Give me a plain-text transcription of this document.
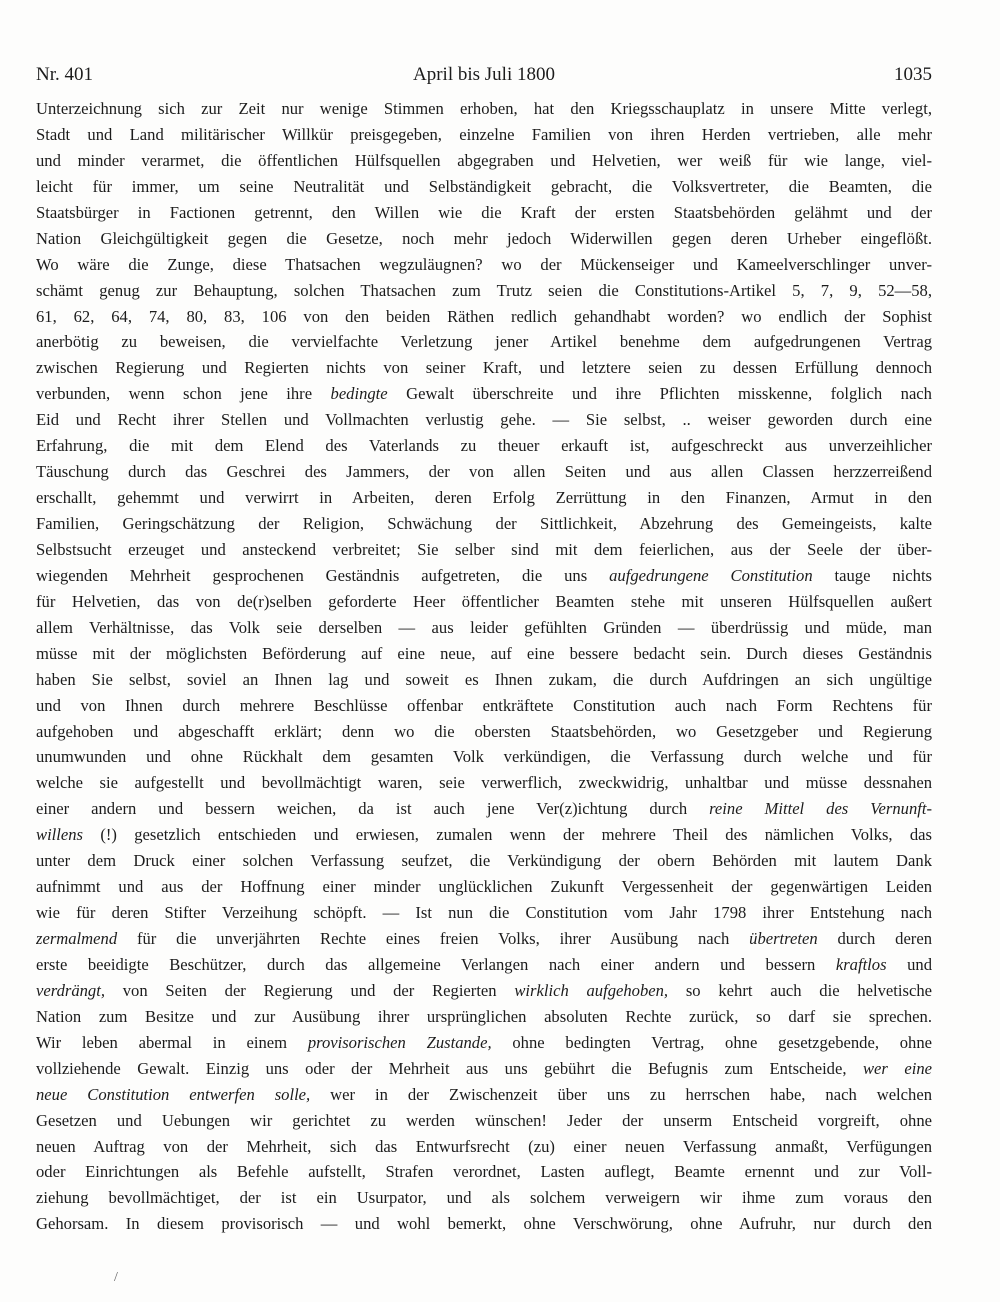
Nr. 401	April bis Juli 1800	1035
Unterzeichnung sich zur Zeit nur wenige Stimmen erhoben, hat den Kriegsschauplatz in unsere Mitte verlegt,
Stadt und Land militärischer Willkür preisgegeben, einzelne Familien von ihren Herden vertrieben, alle mehr
und minder verarmet, die öffentlichen Hülfsquellen abgegraben und Helvetien, wer weiß für wie lange, viel-
leicht für immer, um seine Neutralität und Selbständigkeit gebracht, die Volksvertreter, die Beamten, die
Staatsbürger in Factionen getrennt, den Willen wie die Kraft der ersten Staatsbehörden gelähmt und der
Nation Gleichgültigkeit gegen die Gesetze, noch mehr jedoch Widerwillen gegen deren Urheber eingeflößt.
Wo wäre die Zunge, diese Thatsachen wegzuläugnen? wo der Mückenseiger und Kameelverschlinger unver-
schämt genug zur Behauptung, solchen Thatsachen zum Trutz seien die Constitutions-Artikel 5, 7, 9, 52—58,
61, 62, 64, 74, 80, 83, 106 von den beiden Räthen redlich gehandhabt worden? wo endlich der Sophist
anerbötig zu beweisen, die vervielfachte Verletzung jener Artikel benehme dem aufgedrungenen Vertrag
zwischen Regierung und Regierten nichts von seiner Kraft, und letztere seien zu dessen Erfüllung dennoch
verbunden, wenn schon jene ihre bedingte Gewalt überschreite und ihre Pflichten misskenne, folglich nach
Eid und Recht ihrer Stellen und Vollmachten verlustig gehe. — Sie selbst, .. weiser geworden durch eine
Erfahrung, die mit dem Elend des Vaterlands zu theuer erkauft ist, aufgeschreckt aus unverzeihlicher
Täuschung durch das Geschrei des Jammers, der von allen Seiten und aus allen Classen herzzerreißend
erschallt, gehemmt und verwirrt in Arbeiten, deren Erfolg Zerrüttung in den Finanzen, Armut in den
Familien, Geringschätzung der Religion, Schwächung der Sittlichkeit, Abzehrung des Gemeingeists, kalte
Selbstsucht erzeuget und ansteckend verbreitet; Sie selber sind mit dem feierlichen, aus der Seele der über-
wiegenden Mehrheit gesprochenen Geständnis aufgetreten, die uns aufgedrungene Constitution tauge nichts
für Helvetien, das von de(r)selben geforderte Heer öffentlicher Beamten stehe mit unseren Hülfsquellen außert
allem Verhältnisse, das Volk seie derselben — aus leider gefühlten Gründen — überdrüssig und müde, man
müsse mit der möglichsten Beförderung auf eine neue, auf eine bessere bedacht sein. Durch dieses Geständnis
haben Sie selbst, soviel an Ihnen lag und soweit es Ihnen zukam, die durch Aufdringen an sich ungültige
und von Ihnen durch mehrere Beschlüsse offenbar entkräftete Constitution auch nach Form Rechtens für
aufgehoben und abgeschafft erklärt; denn wo die obersten Staatsbehörden, wo Gesetzgeber und Regierung
unumwunden und ohne Rückhalt dem gesamten Volk verkündigen, die Verfassung durch welche und für
welche sie aufgestellt und bevollmächtigt waren, seie verwerflich, zweckwidrig, unhaltbar und müsse dessnahen
einer andern und bessern weichen, da ist auch jene Ver(z)ichtung durch reine Mittel des Vernunft-
willens (!) gesetzlich entschieden und erwiesen, zumalen wenn der mehrere Theil des nämlichen Volks, das
unter dem Druck einer solchen Verfassung seufzet, die Verkündigung der obern Behörden mit lautem Dank
aufnimmt und aus der Hoffnung einer minder unglücklichen Zukunft Vergessenheit der gegenwärtigen Leiden
wie für deren Stifter Verzeihung schöpft. — Ist nun die Constitution vom Jahr 1798 ihrer Entstehung nach
zermalmend für die unverjährten Rechte eines freien Volks, ihrer Ausübung nach übertreten durch deren
erste beeidigte Beschützer, durch das allgemeine Verlangen nach einer andern und bessern kraftlos und
verdrängt, von Seiten der Regierung und der Regierten wirklich aufgehoben, so kehrt auch die helvetische
Nation zum Besitze und zur Ausübung ihrer ursprünglichen absoluten Rechte zurück, so darf sie sprechen.
Wir leben abermal in einem provisorischen Zustande, ohne bedingten Vertrag, ohne gesetzgebende, ohne
vollziehende Gewalt. Einzig uns oder der Mehrheit aus uns gebührt die Befugnis zum Entscheide, wer eine
neue Constitution entwerfen solle, wer in der Zwischenzeit über uns zu herrschen habe, nach welchen
Gesetzen und Uebungen wir gerichtet zu werden wünschen! Jeder der unserm Entscheid vorgreift, ohne
neuen Auftrag von der Mehrheit, sich das Entwurfsrecht (zu) einer neuen Verfassung anmaßt, Verfügungen
oder Einrichtungen als Befehle aufstellt, Strafen verordnet, Lasten auflegt, Beamte ernennt und zur Voll-
ziehung bevollmächtiget, der ist ein Usurpator, und als solchem verweigern wir ihme zum voraus den
Gehorsam. In diesem provisorisch — und wohl bemerkt, ohne Verschwörung, ohne Aufruhr, nur durch den
/
